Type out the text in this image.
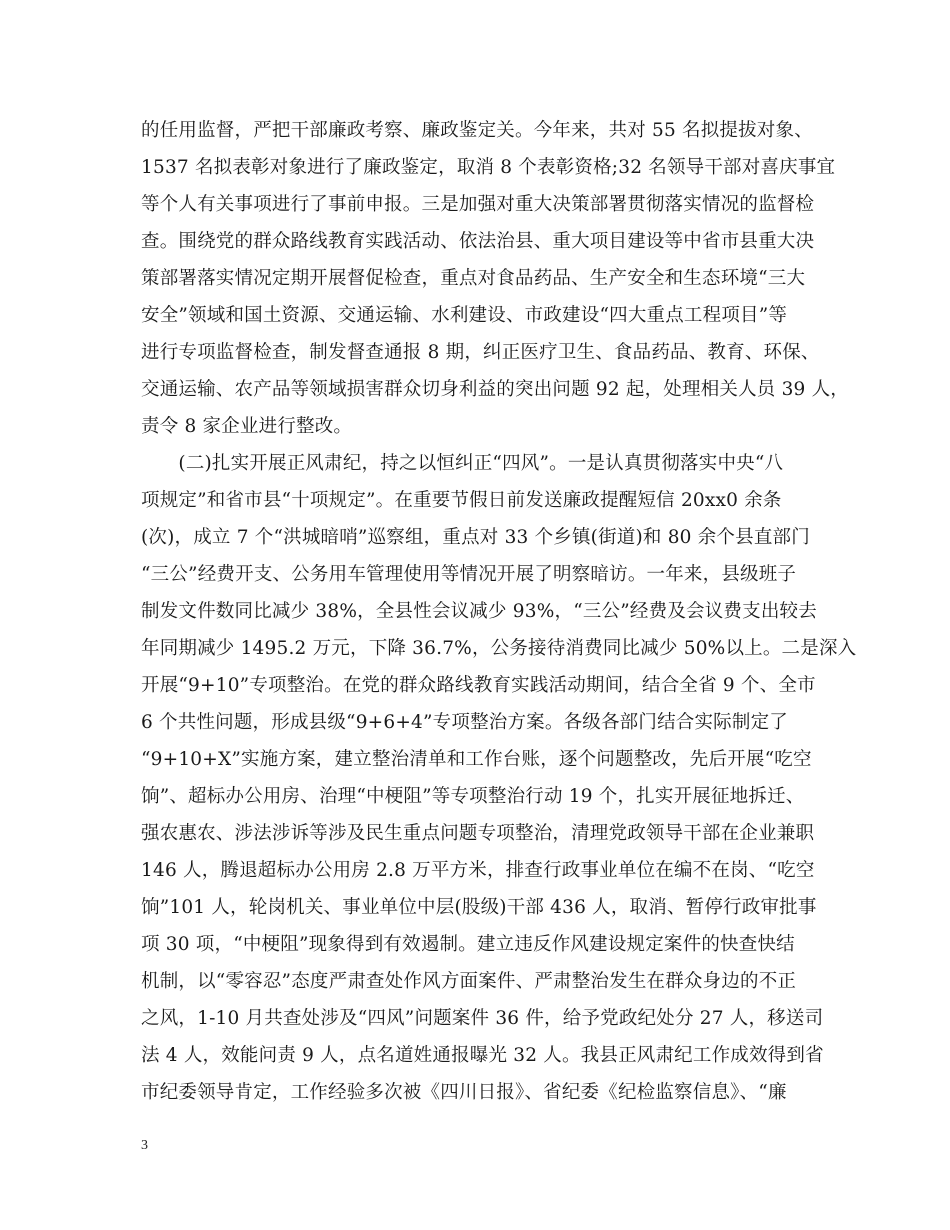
的任用监督，严把干部廉政考察、廉政鉴定关。今年来，共对 55 名拟提拔对象、
1537 名拟表彰对象进行了廉政鉴定，取消 8 个表彰资格;32 名领导干部对喜庆事宜
等个人有关事项进行了事前申报。三是加强对重大决策部署贯彻落实情况的监督检
查。围绕党的群众路线教育实践活动、依法治县、重大项目建设等中省市县重大决
策部署落实情况定期开展督促检查，重点对食品药品、生产安全和生态环境“三大
安全”领域和国土资源、交通运输、水利建设、市政建设“四大重点工程项目”等
进行专项监督检查，制发督查通报 8 期，纠正医疗卫生、食品药品、教育、环保、
交通运输、农产品等领域损害群众切身利益的突出问题 92 起，处理相关人员 39 人，
责令 8 家企业进行整改。
　　(二)扎实开展正风肃纪，持之以恒纠正“四风”。一是认真贯彻落实中央“八
项规定”和省市县“十项规定”。在重要节假日前发送廉政提醒短信 20xx0 余条
(次)，成立 7 个“洪城暗哨”巡察组，重点对 33 个乡镇(街道)和 80 余个县直部门
“三公”经费开支、公务用车管理使用等情况开展了明察暗访。一年来，县级班子
制发文件数同比减少 38%，全县性会议减少 93%，“三公”经费及会议费支出较去
年同期减少 1495.2 万元，下降 36.7%，公务接待消费同比减少 50%以上。二是深入
开展“9+10”专项整治。在党的群众路线教育实践活动期间，结合全省 9 个、全市
6 个共性问题，形成县级“9+6+4”专项整治方案。各级各部门结合实际制定了
“9+10+X”实施方案，建立整治清单和工作台账，逐个问题整改，先后开展“吃空
饷”、超标办公用房、治理“中梗阻”等专项整治行动 19 个，扎实开展征地拆迁、
强农惠农、涉法涉诉等涉及民生重点问题专项整治，清理党政领导干部在企业兼职
146 人，腾退超标办公用房 2.8 万平方米，排查行政事业单位在编不在岗、“吃空
饷”101 人，轮岗机关、事业单位中层(股级)干部 436 人，取消、暂停行政审批事
项 30 项，“中梗阻”现象得到有效遏制。建立违反作风建设规定案件的快查快结
机制，以“零容忍”态度严肃查处作风方面案件、严肃整治发生在群众身边的不正
之风，1-10 月共查处涉及“四风”问题案件 36 件，给予党政纪处分 27 人，移送司
法 4 人，效能问责 9 人，点名道姓通报曝光 32 人。我县正风肃纪工作成效得到省
市纪委领导肯定，工作经验多次被《四川日报》、省纪委《纪检监察信息》、“廉
3
